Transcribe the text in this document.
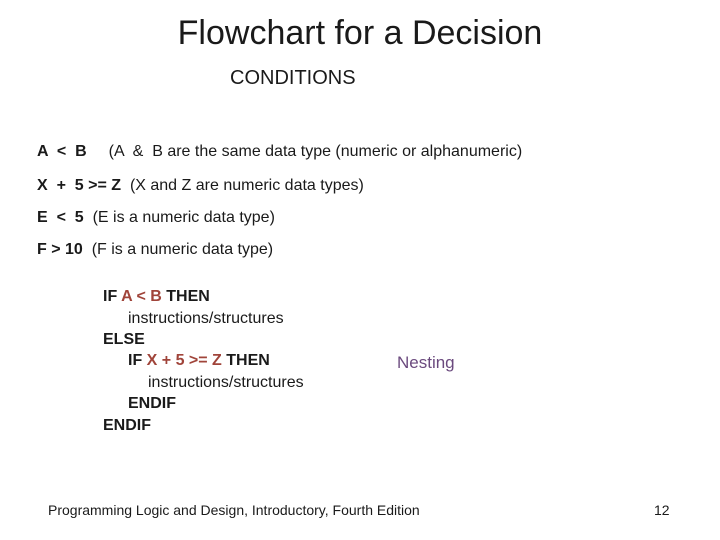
Flowchart for a Decision
CONDITIONS
A  <  B (A  &  B are the same data type (numeric or alphanumeric)
X  +  5 >= Z (X and Z are numeric data types)
E  <  5 (E is a numeric data type)
F > 10 (F is a numeric data type)
IF A < B THEN
instructions/structures
ELSE
IF X + 5 >= Z THEN
instructions/structures
ENDIF
ENDIF
Nesting
Programming Logic and Design, Introductory, Fourth Edition	12
